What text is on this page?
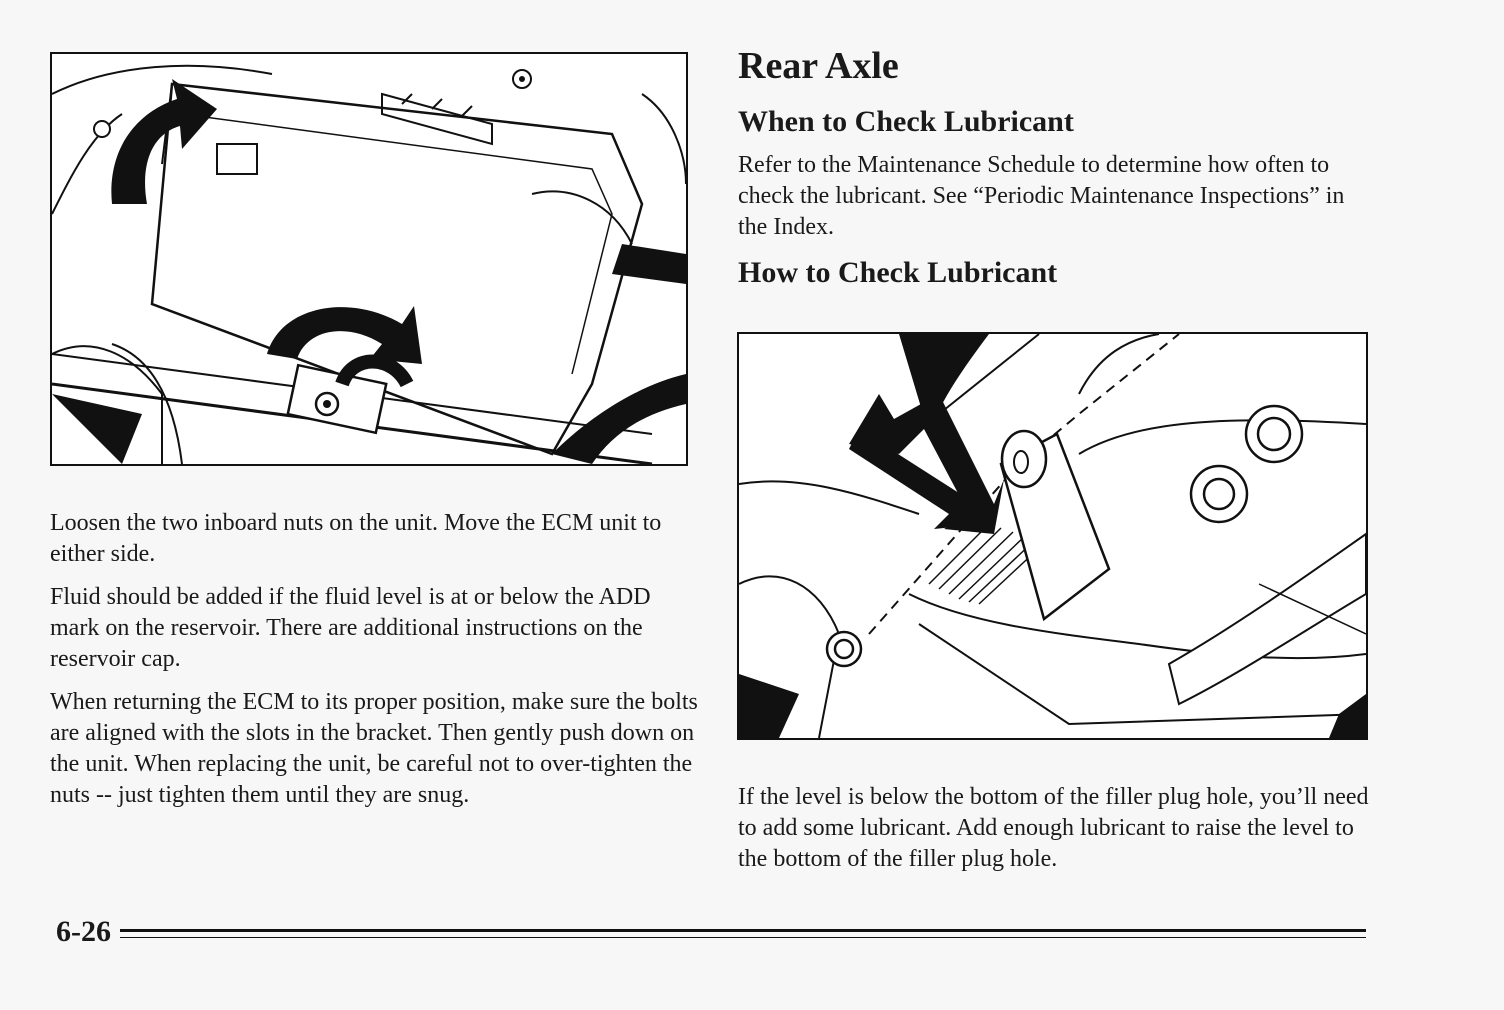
Loosen the two inboard nuts on the unit. Move the ECM unit to either side.

Fluid should be added if the fluid level is at or below the ADD mark on the reservoir. There are additional instructions on the reservoir cap.

When returning the ECM to its proper position, make sure the bolts are aligned with the slots in the bracket. Then gently push down on the unit. When replacing the unit, be careful not to over-tighten the nuts -- just tighten them until they are snug.

Rear Axle
When to Check Lubricant

Refer to the Maintenance Schedule to determine how often to check the lubricant. See “Periodic Maintenance Inspections” in the Index.

How to Check Lubricant

If the level is below the bottom of the filler plug hole, you’ll need to add some lubricant. Add enough lubricant to raise the level to the bottom of the filler plug hole.

6-26
